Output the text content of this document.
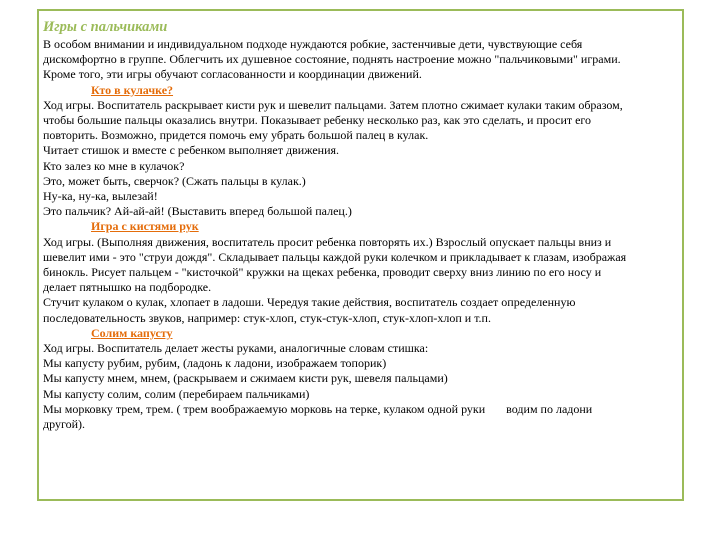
Игры с пальчиками
В особом внимании и индивидуальном подходе нуждаются робкие, застенчивые дети, чувствующие себя
дискомфортно в группе. Облегчить их душевное состояние, поднять настроение можно "пальчиковыми" играми.
Кроме того, эти игры обучают согласованности и координации движений.
Кто в кулачке?
Ход игры. Воспитатель раскрывает кисти рук и шевелит пальцами. Затем плотно сжимает кулаки таким образом,
чтобы большие пальцы оказались внутри. Показывает ребенку несколько раз, как это сделать, и просит его
повторить. Возможно, придется помочь ему убрать большой палец в кулак.
Читает стишок и вместе с ребенком выполняет движения.
Кто залез ко мне в кулачок?
Это, может быть, сверчок? (Сжать пальцы в кулак.)
Ну-ка, ну-ка, вылезай!
Это пальчик? Ай-ай-ай! (Выставить вперед большой палец.)
Игра с кистями рук
Ход игры. (Выполняя движения, воспитатель просит ребенка повторять их.) Взрослый опускает пальцы вниз и
шевелит ими - это "струи дождя". Складывает пальцы каждой руки колечком и прикладывает к глазам, изображая
бинокль. Рисует пальцем - "кисточкой" кружки на щеках ребенка, проводит сверху вниз линию по его носу и
делает пятнышко на подбородке.
Стучит кулаком о кулак, хлопает в ладоши. Чередуя такие действия, воспитатель создает определенную
последовательность звуков, например: стук-хлоп, стук-стук-хлоп, стук-хлоп-хлоп и т.п.
Солим капусту
Ход игры. Воспитатель делает жесты руками, аналогичные словам стишка:
Мы капусту рубим, рубим, (ладонь к ладони, изображаем топорик)
Мы капусту мнем, мнем, (раскрываем и сжимаем кисти рук, шевеля пальцами)
Мы капусту солим, солим (перебираем пальчиками)
Мы морковку трем, трем. ( трем воображаемую морковь на терке, кулаком одной руки       водим по ладони
другой).
